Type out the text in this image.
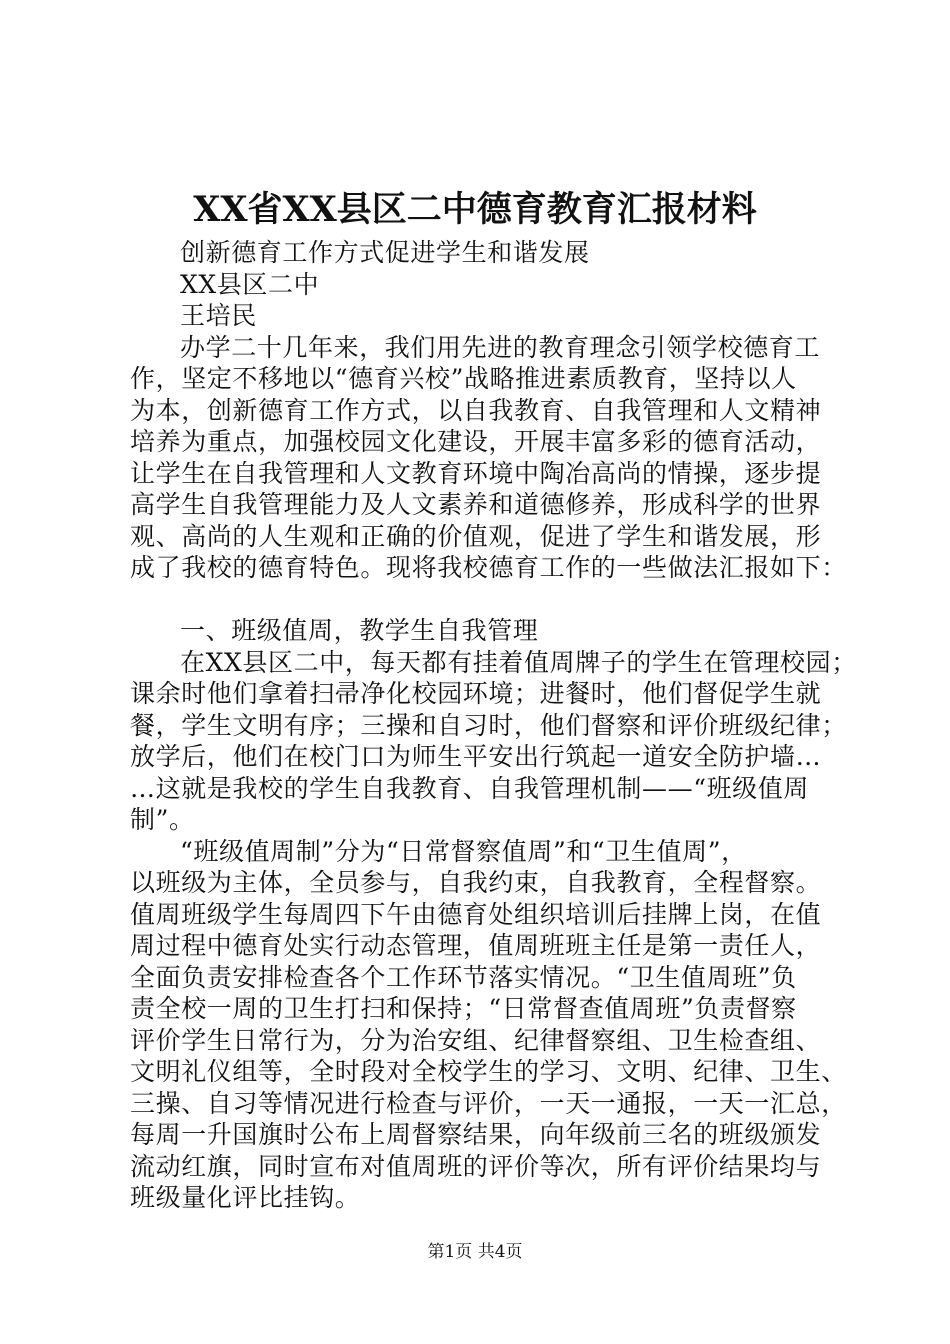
XX省XX县区二中德育教育汇报材料
创新德育工作方式促进学生和谐发展
XX县区二中
王培民
办学二十几年来，我们用先进的教育理念引领学校德育工
作，坚定不移地以“德育兴校”战略推进素质教育，坚持以人
为本，创新德育工作方式，以自我教育、自我管理和人文精神
培养为重点，加强校园文化建设，开展丰富多彩的德育活动，
让学生在自我管理和人文教育环境中陶冶高尚的情操，逐步提
高学生自我管理能力及人文素养和道德修养，形成科学的世界
观、高尚的人生观和正确的价值观，促进了学生和谐发展，形
成了我校的德育特色。现将我校德育工作的一些做法汇报如下：
一、班级值周，教学生自我管理
在XX县区二中，每天都有挂着值周牌子的学生在管理校园；
课余时他们拿着扫帚净化校园环境；进餐时，他们督促学生就
餐，学生文明有序；三操和自习时，他们督察和评价班级纪律；
放学后，他们在校门口为师生平安出行筑起一道安全防护墙…
…这就是我校的学生自我教育、自我管理机制——“班级值周
制”。
“班级值周制”分为“日常督察值周”和“卫生值周”，
以班级为主体，全员参与，自我约束，自我教育，全程督察。
值周班级学生每周四下午由德育处组织培训后挂牌上岗，在值
周过程中德育处实行动态管理，值周班班主任是第一责任人，
全面负责安排检查各个工作环节落实情况。“卫生值周班”负
责全校一周的卫生打扫和保持；“日常督查值周班”负责督察
评价学生日常行为，分为治安组、纪律督察组、卫生检查组、
文明礼仪组等，全时段对全校学生的学习、文明、纪律、卫生、
三操、自习等情况进行检查与评价，一天一通报，一天一汇总，
每周一升国旗时公布上周督察结果，向年级前三名的班级颁发
流动红旗，同时宣布对值周班的评价等次，所有评价结果均与
班级量化评比挂钩。
第1页 共4页
